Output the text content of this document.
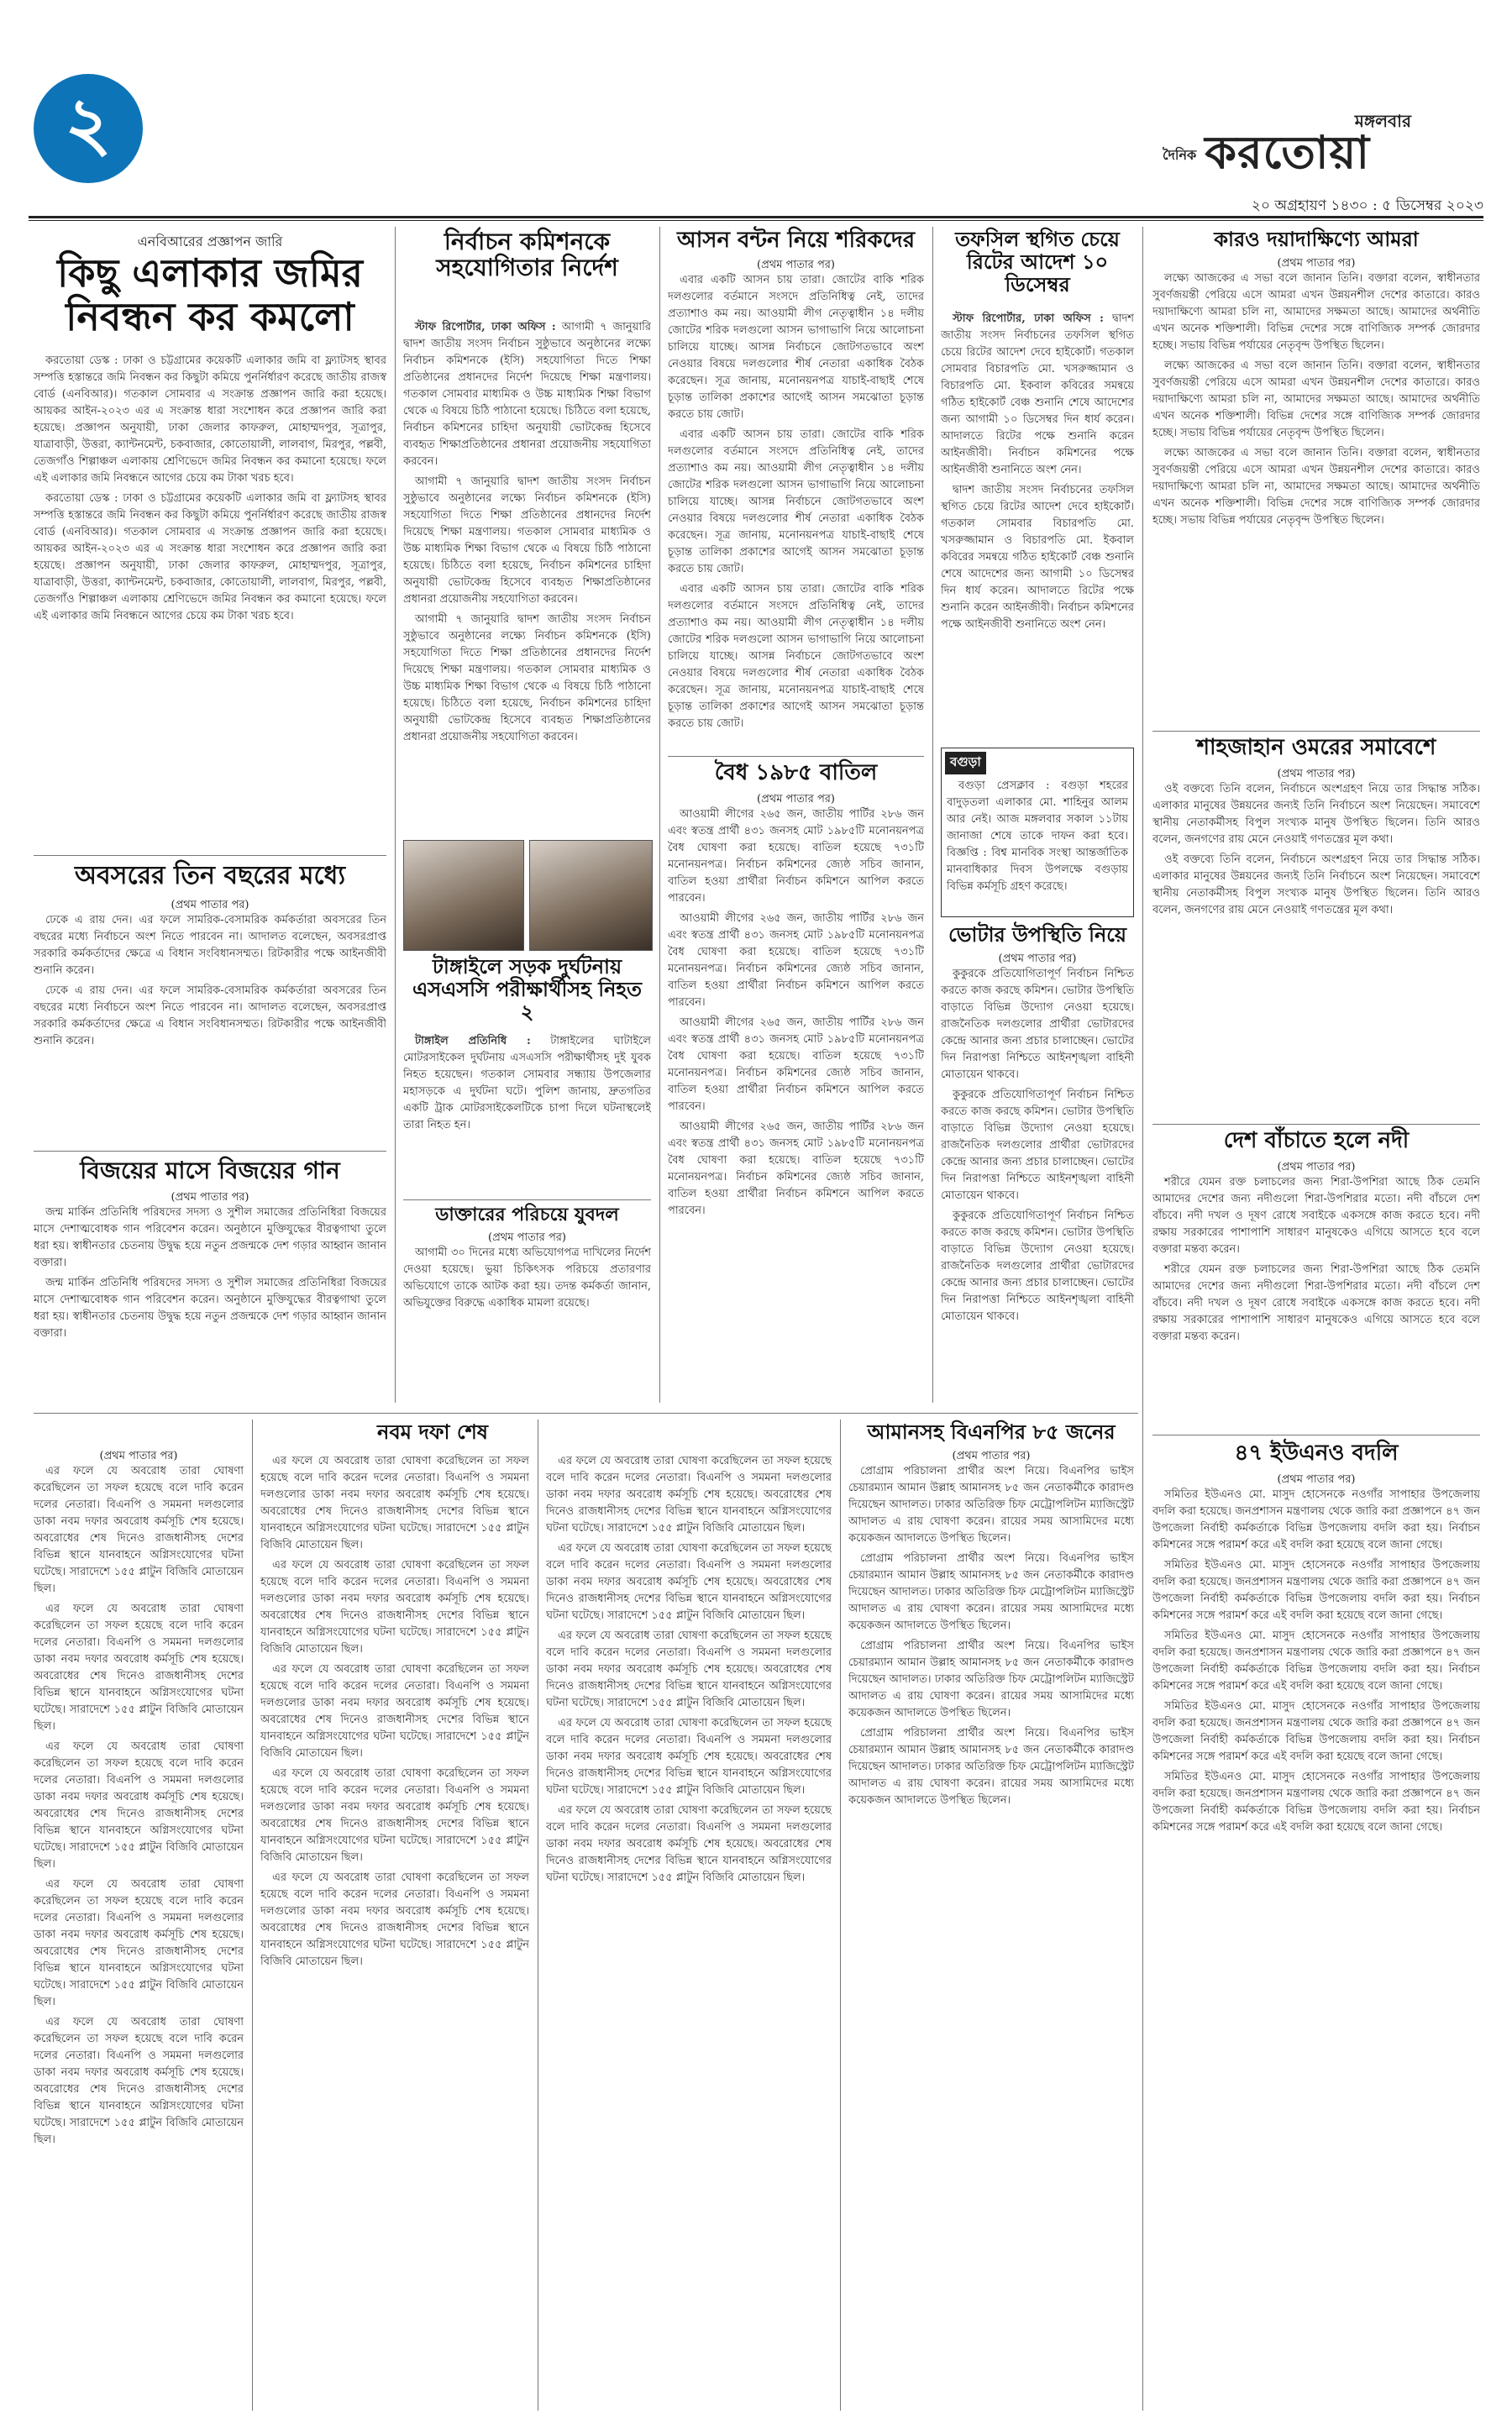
২	মঙ্গলবার
দৈনিক করতোয়া
২০ অগ্রহায়ণ ১৪৩০ : ৫ ডিসেম্বর ২০২৩
এনবিআরের প্রজ্ঞাপন জারি
কিছু এলাকার জমির নিবন্ধন কর কমলো

করতোয়া ডেস্ক : ঢাকা ও চট্টগ্রামের কয়েকটি এলাকার জমি বা ফ্ল্যাটসহ স্থাবর সম্পত্তি হস্তান্তরে জমি নিবন্ধন কর কিছুটা কমিয়ে পুনর্নির্ধারণ করেছে জাতীয় রাজস্ব বোর্ড (এনবিআর)। গতকাল সোমবার এ সংক্রান্ত প্রজ্ঞাপন জারি করা হয়েছে। আয়কর আইন-২০২৩ এর এ সংক্রান্ত ধারা সংশোধন করে প্রজ্ঞাপন জারি করা হয়েছে। প্রজ্ঞাপন অনুযায়ী, ঢাকা জেলার কাফরুল, মোহাম্মদপুর, সূত্রাপুর, যাত্রাবাড়ী, উত্তরা, ক্যান্টনমেন্ট, চকবাজার, কোতোয়ালী, লালবাগ, মিরপুর, পল্লবী, তেজগাঁও শিল্পাঞ্চল এলাকায় শ্রেণিভেদে জমির নিবন্ধন কর কমানো হয়েছে। ফলে এই এলাকার জমি নিবন্ধনে আগের চেয়ে কম টাকা খরচ হবে।

করতোয়া ডেস্ক : ঢাকা ও চট্টগ্রামের কয়েকটি এলাকার জমি বা ফ্ল্যাটসহ স্থাবর সম্পত্তি হস্তান্তরে জমি নিবন্ধন কর কিছুটা কমিয়ে পুনর্নির্ধারণ করেছে জাতীয় রাজস্ব বোর্ড (এনবিআর)। গতকাল সোমবার এ সংক্রান্ত প্রজ্ঞাপন জারি করা হয়েছে। আয়কর আইন-২০২৩ এর এ সংক্রান্ত ধারা সংশোধন করে প্রজ্ঞাপন জারি করা হয়েছে। প্রজ্ঞাপন অনুযায়ী, ঢাকা জেলার কাফরুল, মোহাম্মদপুর, সূত্রাপুর, যাত্রাবাড়ী, উত্তরা, ক্যান্টনমেন্ট, চকবাজার, কোতোয়ালী, লালবাগ, মিরপুর, পল্লবী, তেজগাঁও শিল্পাঞ্চল এলাকায় শ্রেণিভেদে জমির নিবন্ধন কর কমানো হয়েছে। ফলে এই এলাকার জমি নিবন্ধনে আগের চেয়ে কম টাকা খরচ হবে।

অবসরের তিন বছরের মধ্যে
(প্রথম পাতার পর)

ঢেকে এ রায় দেন। এর ফলে সামরিক-বেসামরিক কর্মকর্তারা অবসরের তিন বছরের মধ্যে নির্বাচনে অংশ নিতে পারবেন না। আদালত বলেছেন, অবসরপ্রাপ্ত সরকারি কর্মকর্তাদের ক্ষেত্রে এ বিধান সংবিধানসম্মত। রিটকারীর পক্ষে আইনজীবী শুনানি করেন।

ঢেকে এ রায় দেন। এর ফলে সামরিক-বেসামরিক কর্মকর্তারা অবসরের তিন বছরের মধ্যে নির্বাচনে অংশ নিতে পারবেন না। আদালত বলেছেন, অবসরপ্রাপ্ত সরকারি কর্মকর্তাদের ক্ষেত্রে এ বিধান সংবিধানসম্মত। রিটকারীর পক্ষে আইনজীবী শুনানি করেন।

বিজয়ের মাসে বিজয়ের গান
(প্রথম পাতার পর)

জন্ম মার্কিন প্রতিনিধি পরিষদের সদস্য ও সুশীল সমাজের প্রতিনিধিরা বিজয়ের মাসে দেশাত্মবোধক গান পরিবেশন করেন। অনুষ্ঠানে মুক্তিযুদ্ধের বীরত্বগাথা তুলে ধরা হয়। স্বাধীনতার চেতনায় উদ্বুদ্ধ হয়ে নতুন প্রজন্মকে দেশ গড়ার আহ্বান জানান বক্তারা।

জন্ম মার্কিন প্রতিনিধি পরিষদের সদস্য ও সুশীল সমাজের প্রতিনিধিরা বিজয়ের মাসে দেশাত্মবোধক গান পরিবেশন করেন। অনুষ্ঠানে মুক্তিযুদ্ধের বীরত্বগাথা তুলে ধরা হয়। স্বাধীনতার চেতনায় উদ্বুদ্ধ হয়ে নতুন প্রজন্মকে দেশ গড়ার আহ্বান জানান বক্তারা।

নির্বাচন কমিশনকে সহযোগিতার নির্দেশ

স্টাফ রিপোর্টার, ঢাকা অফিস : আগামী ৭ জানুয়ারি দ্বাদশ জাতীয় সংসদ নির্বাচন সুষ্ঠুভাবে অনুষ্ঠানের লক্ষ্যে নির্বাচন কমিশনকে (ইসি) সহযোগিতা দিতে শিক্ষা প্রতিষ্ঠানের প্রধানদের নির্দেশ দিয়েছে শিক্ষা মন্ত্রণালয়। গতকাল সোমবার মাধ্যমিক ও উচ্চ মাধ্যমিক শিক্ষা বিভাগ থেকে এ বিষয়ে চিঠি পাঠানো হয়েছে। চিঠিতে বলা হয়েছে, নির্বাচন কমিশনের চাহিদা অনুযায়ী ভোটকেন্দ্র হিসেবে ব্যবহৃত শিক্ষাপ্রতিষ্ঠানের প্রধানরা প্রয়োজনীয় সহযোগিতা করবেন।

আগামী ৭ জানুয়ারি দ্বাদশ জাতীয় সংসদ নির্বাচন সুষ্ঠুভাবে অনুষ্ঠানের লক্ষ্যে নির্বাচন কমিশনকে (ইসি) সহযোগিতা দিতে শিক্ষা প্রতিষ্ঠানের প্রধানদের নির্দেশ দিয়েছে শিক্ষা মন্ত্রণালয়। গতকাল সোমবার মাধ্যমিক ও উচ্চ মাধ্যমিক শিক্ষা বিভাগ থেকে এ বিষয়ে চিঠি পাঠানো হয়েছে। চিঠিতে বলা হয়েছে, নির্বাচন কমিশনের চাহিদা অনুযায়ী ভোটকেন্দ্র হিসেবে ব্যবহৃত শিক্ষাপ্রতিষ্ঠানের প্রধানরা প্রয়োজনীয় সহযোগিতা করবেন।

আগামী ৭ জানুয়ারি দ্বাদশ জাতীয় সংসদ নির্বাচন সুষ্ঠুভাবে অনুষ্ঠানের লক্ষ্যে নির্বাচন কমিশনকে (ইসি) সহযোগিতা দিতে শিক্ষা প্রতিষ্ঠানের প্রধানদের নির্দেশ দিয়েছে শিক্ষা মন্ত্রণালয়। গতকাল সোমবার মাধ্যমিক ও উচ্চ মাধ্যমিক শিক্ষা বিভাগ থেকে এ বিষয়ে চিঠি পাঠানো হয়েছে। চিঠিতে বলা হয়েছে, নির্বাচন কমিশনের চাহিদা অনুযায়ী ভোটকেন্দ্র হিসেবে ব্যবহৃত শিক্ষাপ্রতিষ্ঠানের প্রধানরা প্রয়োজনীয় সহযোগিতা করবেন।

টাঙ্গাইলে সড়ক দুর্ঘটনায় এসএসসি পরীক্ষার্থীসহ নিহত ২

টাঙ্গাইল প্রতিনিধি : টাঙ্গাইলের ঘাটাইলে মোটরসাইকেল দুর্ঘটনায় এসএসসি পরীক্ষার্থীসহ দুই যুবক নিহত হয়েছেন। গতকাল সোমবার সন্ধ্যায় উপজেলার মহাসড়কে এ দুর্ঘটনা ঘটে। পুলিশ জানায়, দ্রুতগতির একটি ট্রাক মোটরসাইকেলটিকে চাপা দিলে ঘটনাস্থলেই তারা নিহত হন।

ডাক্তারের পরিচয়ে যুবদল
(প্রথম পাতার পর)

আগামী ৩০ দিনের মধ্যে অভিযোগপত্র দাখিলের নির্দেশ দেওয়া হয়েছে। ভুয়া চিকিৎসক পরিচয়ে প্রতারণার অভিযোগে তাকে আটক করা হয়। তদন্ত কর্মকর্তা জানান, অভিযুক্তের বিরুদ্ধে একাধিক মামলা রয়েছে।

আসন বন্টন নিয়ে শরিকদের
(প্রথম পাতার পর)

এবার একটি আসন চায় তারা। জোটের বাকি শরিক দলগুলোর বর্তমানে সংসদে প্রতিনিধিত্ব নেই, তাদের প্রত্যাশাও কম নয়। আওয়ামী লীগ নেতৃত্বাধীন ১৪ দলীয় জোটের শরিক দলগুলো আসন ভাগাভাগি নিয়ে আলোচনা চালিয়ে যাচ্ছে। আসন্ন নির্বাচনে জোটগতভাবে অংশ নেওয়ার বিষয়ে দলগুলোর শীর্ষ নেতারা একাধিক বৈঠক করেছেন। সূত্র জানায়, মনোনয়নপত্র যাচাই-বাছাই শেষে চূড়ান্ত তালিকা প্রকাশের আগেই আসন সমঝোতা চূড়ান্ত করতে চায় জোট।

এবার একটি আসন চায় তারা। জোটের বাকি শরিক দলগুলোর বর্তমানে সংসদে প্রতিনিধিত্ব নেই, তাদের প্রত্যাশাও কম নয়। আওয়ামী লীগ নেতৃত্বাধীন ১৪ দলীয় জোটের শরিক দলগুলো আসন ভাগাভাগি নিয়ে আলোচনা চালিয়ে যাচ্ছে। আসন্ন নির্বাচনে জোটগতভাবে অংশ নেওয়ার বিষয়ে দলগুলোর শীর্ষ নেতারা একাধিক বৈঠক করেছেন। সূত্র জানায়, মনোনয়নপত্র যাচাই-বাছাই শেষে চূড়ান্ত তালিকা প্রকাশের আগেই আসন সমঝোতা চূড়ান্ত করতে চায় জোট।

এবার একটি আসন চায় তারা। জোটের বাকি শরিক দলগুলোর বর্তমানে সংসদে প্রতিনিধিত্ব নেই, তাদের প্রত্যাশাও কম নয়। আওয়ামী লীগ নেতৃত্বাধীন ১৪ দলীয় জোটের শরিক দলগুলো আসন ভাগাভাগি নিয়ে আলোচনা চালিয়ে যাচ্ছে। আসন্ন নির্বাচনে জোটগতভাবে অংশ নেওয়ার বিষয়ে দলগুলোর শীর্ষ নেতারা একাধিক বৈঠক করেছেন। সূত্র জানায়, মনোনয়নপত্র যাচাই-বাছাই শেষে চূড়ান্ত তালিকা প্রকাশের আগেই আসন সমঝোতা চূড়ান্ত করতে চায় জোট।

বৈধ ১৯৮৫ বাতিল
(প্রথম পাতার পর)

আওয়ামী লীগের ২৬৫ জন, জাতীয় পার্টির ২৮৬ জন এবং স্বতন্ত্র প্রার্থী ৪৩১ জনসহ মোট ১৯৮৫টি মনোনয়নপত্র বৈধ ঘোষণা করা হয়েছে। বাতিল হয়েছে ৭৩১টি মনোনয়নপত্র। নির্বাচন কমিশনের জ্যেষ্ঠ সচিব জানান, বাতিল হওয়া প্রার্থীরা নির্বাচন কমিশনে আপিল করতে পারবেন।

আওয়ামী লীগের ২৬৫ জন, জাতীয় পার্টির ২৮৬ জন এবং স্বতন্ত্র প্রার্থী ৪৩১ জনসহ মোট ১৯৮৫টি মনোনয়নপত্র বৈধ ঘোষণা করা হয়েছে। বাতিল হয়েছে ৭৩১টি মনোনয়নপত্র। নির্বাচন কমিশনের জ্যেষ্ঠ সচিব জানান, বাতিল হওয়া প্রার্থীরা নির্বাচন কমিশনে আপিল করতে পারবেন।

আওয়ামী লীগের ২৬৫ জন, জাতীয় পার্টির ২৮৬ জন এবং স্বতন্ত্র প্রার্থী ৪৩১ জনসহ মোট ১৯৮৫টি মনোনয়নপত্র বৈধ ঘোষণা করা হয়েছে। বাতিল হয়েছে ৭৩১টি মনোনয়নপত্র। নির্বাচন কমিশনের জ্যেষ্ঠ সচিব জানান, বাতিল হওয়া প্রার্থীরা নির্বাচন কমিশনে আপিল করতে পারবেন।

আওয়ামী লীগের ২৬৫ জন, জাতীয় পার্টির ২৮৬ জন এবং স্বতন্ত্র প্রার্থী ৪৩১ জনসহ মোট ১৯৮৫টি মনোনয়নপত্র বৈধ ঘোষণা করা হয়েছে। বাতিল হয়েছে ৭৩১টি মনোনয়নপত্র। নির্বাচন কমিশনের জ্যেষ্ঠ সচিব জানান, বাতিল হওয়া প্রার্থীরা নির্বাচন কমিশনে আপিল করতে পারবেন।

তফসিল স্থগিত চেয়ে রিটের আদেশ ১০ ডিসেম্বর

স্টাফ রিপোর্টার, ঢাকা অফিস : দ্বাদশ জাতীয় সংসদ নির্বাচনের তফসিল স্থগিত চেয়ে রিটের আদেশ দেবে হাইকোর্ট। গতকাল সোমবার বিচারপতি মো. খসরুজ্জামান ও বিচারপতি মো. ইকবাল কবিরের সমন্বয়ে গঠিত হাইকোর্ট বেঞ্চ শুনানি শেষে আদেশের জন্য আগামী ১০ ডিসেম্বর দিন ধার্য করেন। আদালতে রিটের পক্ষে শুনানি করেন আইনজীবী। নির্বাচন কমিশনের পক্ষে আইনজীবী শুনানিতে অংশ নেন।

দ্বাদশ জাতীয় সংসদ নির্বাচনের তফসিল স্থগিত চেয়ে রিটের আদেশ দেবে হাইকোর্ট। গতকাল সোমবার বিচারপতি মো. খসরুজ্জামান ও বিচারপতি মো. ইকবাল কবিরের সমন্বয়ে গঠিত হাইকোর্ট বেঞ্চ শুনানি শেষে আদেশের জন্য আগামী ১০ ডিসেম্বর দিন ধার্য করেন। আদালতে রিটের পক্ষে শুনানি করেন আইনজীবী। নির্বাচন কমিশনের পক্ষে আইনজীবী শুনানিতে অংশ নেন।

বগুড়া

বগুড়া প্রেসক্লাব : বগুড়া শহরের বাদুড়তলা এলাকার মো. শাহিনুর আলম আর নেই। আজ মঙ্গলবার সকাল ১১টায় জানাজা শেষে তাকে দাফন করা হবে। বিজ্ঞপ্তি : বিশ্ব মানবিক সংস্থা আন্তর্জাতিক মানবাধিকার দিবস উপলক্ষে বগুড়ায় বিভিন্ন কর্মসূচি গ্রহণ করেছে।

ভোটার উপস্থিতি নিয়ে
(প্রথম পাতার পর)

কুকুরকে প্রতিযোগিতাপূর্ণ নির্বাচন নিশ্চিত করতে কাজ করছে কমিশন। ভোটার উপস্থিতি বাড়াতে বিভিন্ন উদ্যোগ নেওয়া হয়েছে। রাজনৈতিক দলগুলোর প্রার্থীরা ভোটারদের কেন্দ্রে আনার জন্য প্রচার চালাচ্ছেন। ভোটের দিন নিরাপত্তা নিশ্চিতে আইনশৃঙ্খলা বাহিনী মোতায়েন থাকবে।

কুকুরকে প্রতিযোগিতাপূর্ণ নির্বাচন নিশ্চিত করতে কাজ করছে কমিশন। ভোটার উপস্থিতি বাড়াতে বিভিন্ন উদ্যোগ নেওয়া হয়েছে। রাজনৈতিক দলগুলোর প্রার্থীরা ভোটারদের কেন্দ্রে আনার জন্য প্রচার চালাচ্ছেন। ভোটের দিন নিরাপত্তা নিশ্চিতে আইনশৃঙ্খলা বাহিনী মোতায়েন থাকবে।

কুকুরকে প্রতিযোগিতাপূর্ণ নির্বাচন নিশ্চিত করতে কাজ করছে কমিশন। ভোটার উপস্থিতি বাড়াতে বিভিন্ন উদ্যোগ নেওয়া হয়েছে। রাজনৈতিক দলগুলোর প্রার্থীরা ভোটারদের কেন্দ্রে আনার জন্য প্রচার চালাচ্ছেন। ভোটের দিন নিরাপত্তা নিশ্চিতে আইনশৃঙ্খলা বাহিনী মোতায়েন থাকবে।

কারও দয়াদাক্ষিণ্যে আমরা
(প্রথম পাতার পর)

লক্ষ্যে আজকের এ সভা বলে জানান তিনি। বক্তারা বলেন, স্বাধীনতার সুবর্ণজয়ন্তী পেরিয়ে এসে আমরা এখন উন্নয়নশীল দেশের কাতারে। কারও দয়াদাক্ষিণ্যে আমরা চলি না, আমাদের সক্ষমতা আছে। আমাদের অর্থনীতি এখন অনেক শক্তিশালী। বিভিন্ন দেশের সঙ্গে বাণিজ্যিক সম্পর্ক জোরদার হচ্ছে। সভায় বিভিন্ন পর্যায়ের নেতৃবৃন্দ উপস্থিত ছিলেন।

লক্ষ্যে আজকের এ সভা বলে জানান তিনি। বক্তারা বলেন, স্বাধীনতার সুবর্ণজয়ন্তী পেরিয়ে এসে আমরা এখন উন্নয়নশীল দেশের কাতারে। কারও দয়াদাক্ষিণ্যে আমরা চলি না, আমাদের সক্ষমতা আছে। আমাদের অর্থনীতি এখন অনেক শক্তিশালী। বিভিন্ন দেশের সঙ্গে বাণিজ্যিক সম্পর্ক জোরদার হচ্ছে। সভায় বিভিন্ন পর্যায়ের নেতৃবৃন্দ উপস্থিত ছিলেন।

লক্ষ্যে আজকের এ সভা বলে জানান তিনি। বক্তারা বলেন, স্বাধীনতার সুবর্ণজয়ন্তী পেরিয়ে এসে আমরা এখন উন্নয়নশীল দেশের কাতারে। কারও দয়াদাক্ষিণ্যে আমরা চলি না, আমাদের সক্ষমতা আছে। আমাদের অর্থনীতি এখন অনেক শক্তিশালী। বিভিন্ন দেশের সঙ্গে বাণিজ্যিক সম্পর্ক জোরদার হচ্ছে। সভায় বিভিন্ন পর্যায়ের নেতৃবৃন্দ উপস্থিত ছিলেন।

শাহজাহান ওমরের সমাবেশে
(প্রথম পাতার পর)

ওই বক্তব্যে তিনি বলেন, নির্বাচনে অংশগ্রহণ নিয়ে তার সিদ্ধান্ত সঠিক। এলাকার মানুষের উন্নয়নের জন্যই তিনি নির্বাচনে অংশ নিয়েছেন। সমাবেশে স্থানীয় নেতাকর্মীসহ বিপুল সংখ্যক মানুষ উপস্থিত ছিলেন। তিনি আরও বলেন, জনগণের রায় মেনে নেওয়াই গণতন্ত্রের মূল কথা।

ওই বক্তব্যে তিনি বলেন, নির্বাচনে অংশগ্রহণ নিয়ে তার সিদ্ধান্ত সঠিক। এলাকার মানুষের উন্নয়নের জন্যই তিনি নির্বাচনে অংশ নিয়েছেন। সমাবেশে স্থানীয় নেতাকর্মীসহ বিপুল সংখ্যক মানুষ উপস্থিত ছিলেন। তিনি আরও বলেন, জনগণের রায় মেনে নেওয়াই গণতন্ত্রের মূল কথা।

দেশ বাঁচাতে হলে নদী
(প্রথম পাতার পর)

শরীরে যেমন রক্ত চলাচলের জন্য শিরা-উপশিরা আছে ঠিক তেমনি আমাদের দেশের জন্য নদীগুলো শিরা-উপশিরার মতো। নদী বাঁচলে দেশ বাঁচবে। নদী দখল ও দূষণ রোধে সবাইকে একসঙ্গে কাজ করতে হবে। নদী রক্ষায় সরকারের পাশাপাশি সাধারণ মানুষকেও এগিয়ে আসতে হবে বলে বক্তারা মন্তব্য করেন।

শরীরে যেমন রক্ত চলাচলের জন্য শিরা-উপশিরা আছে ঠিক তেমনি আমাদের দেশের জন্য নদীগুলো শিরা-উপশিরার মতো। নদী বাঁচলে দেশ বাঁচবে। নদী দখল ও দূষণ রোধে সবাইকে একসঙ্গে কাজ করতে হবে। নদী রক্ষায় সরকারের পাশাপাশি সাধারণ মানুষকেও এগিয়ে আসতে হবে বলে বক্তারা মন্তব্য করেন।

নবম দফা শেষ
(প্রথম পাতার পর)

এর ফলে যে অবরোধ তারা ঘোষণা করেছিলেন তা সফল হয়েছে বলে দাবি করেন দলের নেতারা। বিএনপি ও সমমনা দলগুলোর ডাকা নবম দফার অবরোধ কর্মসূচি শেষ হয়েছে। অবরোধের শেষ দিনেও রাজধানীসহ দেশের বিভিন্ন স্থানে যানবাহনে অগ্নিসংযোগের ঘটনা ঘটেছে। সারাদেশে ১৫৫ প্লাটুন বিজিবি মোতায়েন ছিল।

এর ফলে যে অবরোধ তারা ঘোষণা করেছিলেন তা সফল হয়েছে বলে দাবি করেন দলের নেতারা। বিএনপি ও সমমনা দলগুলোর ডাকা নবম দফার অবরোধ কর্মসূচি শেষ হয়েছে। অবরোধের শেষ দিনেও রাজধানীসহ দেশের বিভিন্ন স্থানে যানবাহনে অগ্নিসংযোগের ঘটনা ঘটেছে। সারাদেশে ১৫৫ প্লাটুন বিজিবি মোতায়েন ছিল।

এর ফলে যে অবরোধ তারা ঘোষণা করেছিলেন তা সফল হয়েছে বলে দাবি করেন দলের নেতারা। বিএনপি ও সমমনা দলগুলোর ডাকা নবম দফার অবরোধ কর্মসূচি শেষ হয়েছে। অবরোধের শেষ দিনেও রাজধানীসহ দেশের বিভিন্ন স্থানে যানবাহনে অগ্নিসংযোগের ঘটনা ঘটেছে। সারাদেশে ১৫৫ প্লাটুন বিজিবি মোতায়েন ছিল।

এর ফলে যে অবরোধ তারা ঘোষণা করেছিলেন তা সফল হয়েছে বলে দাবি করেন দলের নেতারা। বিএনপি ও সমমনা দলগুলোর ডাকা নবম দফার অবরোধ কর্মসূচি শেষ হয়েছে। অবরোধের শেষ দিনেও রাজধানীসহ দেশের বিভিন্ন স্থানে যানবাহনে অগ্নিসংযোগের ঘটনা ঘটেছে। সারাদেশে ১৫৫ প্লাটুন বিজিবি মোতায়েন ছিল।

এর ফলে যে অবরোধ তারা ঘোষণা করেছিলেন তা সফল হয়েছে বলে দাবি করেন দলের নেতারা। বিএনপি ও সমমনা দলগুলোর ডাকা নবম দফার অবরোধ কর্মসূচি শেষ হয়েছে। অবরোধের শেষ দিনেও রাজধানীসহ দেশের বিভিন্ন স্থানে যানবাহনে অগ্নিসংযোগের ঘটনা ঘটেছে। সারাদেশে ১৫৫ প্লাটুন বিজিবি মোতায়েন ছিল।

এর ফলে যে অবরোধ তারা ঘোষণা করেছিলেন তা সফল হয়েছে বলে দাবি করেন দলের নেতারা। বিএনপি ও সমমনা দলগুলোর ডাকা নবম দফার অবরোধ কর্মসূচি শেষ হয়েছে। অবরোধের শেষ দিনেও রাজধানীসহ দেশের বিভিন্ন স্থানে যানবাহনে অগ্নিসংযোগের ঘটনা ঘটেছে। সারাদেশে ১৫৫ প্লাটুন বিজিবি মোতায়েন ছিল।

এর ফলে যে অবরোধ তারা ঘোষণা করেছিলেন তা সফল হয়েছে বলে দাবি করেন দলের নেতারা। বিএনপি ও সমমনা দলগুলোর ডাকা নবম দফার অবরোধ কর্মসূচি শেষ হয়েছে। অবরোধের শেষ দিনেও রাজধানীসহ দেশের বিভিন্ন স্থানে যানবাহনে অগ্নিসংযোগের ঘটনা ঘটেছে। সারাদেশে ১৫৫ প্লাটুন বিজিবি মোতায়েন ছিল।

এর ফলে যে অবরোধ তারা ঘোষণা করেছিলেন তা সফল হয়েছে বলে দাবি করেন দলের নেতারা। বিএনপি ও সমমনা দলগুলোর ডাকা নবম দফার অবরোধ কর্মসূচি শেষ হয়েছে। অবরোধের শেষ দিনেও রাজধানীসহ দেশের বিভিন্ন স্থানে যানবাহনে অগ্নিসংযোগের ঘটনা ঘটেছে। সারাদেশে ১৫৫ প্লাটুন বিজিবি মোতায়েন ছিল।

এর ফলে যে অবরোধ তারা ঘোষণা করেছিলেন তা সফল হয়েছে বলে দাবি করেন দলের নেতারা। বিএনপি ও সমমনা দলগুলোর ডাকা নবম দফার অবরোধ কর্মসূচি শেষ হয়েছে। অবরোধের শেষ দিনেও রাজধানীসহ দেশের বিভিন্ন স্থানে যানবাহনে অগ্নিসংযোগের ঘটনা ঘটেছে। সারাদেশে ১৫৫ প্লাটুন বিজিবি মোতায়েন ছিল।

এর ফলে যে অবরোধ তারা ঘোষণা করেছিলেন তা সফল হয়েছে বলে দাবি করেন দলের নেতারা। বিএনপি ও সমমনা দলগুলোর ডাকা নবম দফার অবরোধ কর্মসূচি শেষ হয়েছে। অবরোধের শেষ দিনেও রাজধানীসহ দেশের বিভিন্ন স্থানে যানবাহনে অগ্নিসংযোগের ঘটনা ঘটেছে। সারাদেশে ১৫৫ প্লাটুন বিজিবি মোতায়েন ছিল।

এর ফলে যে অবরোধ তারা ঘোষণা করেছিলেন তা সফল হয়েছে বলে দাবি করেন দলের নেতারা। বিএনপি ও সমমনা দলগুলোর ডাকা নবম দফার অবরোধ কর্মসূচি শেষ হয়েছে। অবরোধের শেষ দিনেও রাজধানীসহ দেশের বিভিন্ন স্থানে যানবাহনে অগ্নিসংযোগের ঘটনা ঘটেছে। সারাদেশে ১৫৫ প্লাটুন বিজিবি মোতায়েন ছিল।

এর ফলে যে অবরোধ তারা ঘোষণা করেছিলেন তা সফল হয়েছে বলে দাবি করেন দলের নেতারা। বিএনপি ও সমমনা দলগুলোর ডাকা নবম দফার অবরোধ কর্মসূচি শেষ হয়েছে। অবরোধের শেষ দিনেও রাজধানীসহ দেশের বিভিন্ন স্থানে যানবাহনে অগ্নিসংযোগের ঘটনা ঘটেছে। সারাদেশে ১৫৫ প্লাটুন বিজিবি মোতায়েন ছিল।

এর ফলে যে অবরোধ তারা ঘোষণা করেছিলেন তা সফল হয়েছে বলে দাবি করেন দলের নেতারা। বিএনপি ও সমমনা দলগুলোর ডাকা নবম দফার অবরোধ কর্মসূচি শেষ হয়েছে। অবরোধের শেষ দিনেও রাজধানীসহ দেশের বিভিন্ন স্থানে যানবাহনে অগ্নিসংযোগের ঘটনা ঘটেছে। সারাদেশে ১৫৫ প্লাটুন বিজিবি মোতায়েন ছিল।

এর ফলে যে অবরোধ তারা ঘোষণা করেছিলেন তা সফল হয়েছে বলে দাবি করেন দলের নেতারা। বিএনপি ও সমমনা দলগুলোর ডাকা নবম দফার অবরোধ কর্মসূচি শেষ হয়েছে। অবরোধের শেষ দিনেও রাজধানীসহ দেশের বিভিন্ন স্থানে যানবাহনে অগ্নিসংযোগের ঘটনা ঘটেছে। সারাদেশে ১৫৫ প্লাটুন বিজিবি মোতায়েন ছিল।

এর ফলে যে অবরোধ তারা ঘোষণা করেছিলেন তা সফল হয়েছে বলে দাবি করেন দলের নেতারা। বিএনপি ও সমমনা দলগুলোর ডাকা নবম দফার অবরোধ কর্মসূচি শেষ হয়েছে। অবরোধের শেষ দিনেও রাজধানীসহ দেশের বিভিন্ন স্থানে যানবাহনে অগ্নিসংযোগের ঘটনা ঘটেছে। সারাদেশে ১৫৫ প্লাটুন বিজিবি মোতায়েন ছিল।

আমানসহ বিএনপির ৮৫ জনের
(প্রথম পাতার পর)

প্রোগ্রাম পরিচালনা প্রার্থীর অংশ নিয়ে। বিএনপির ভাইস চেয়ারম্যান আমান উল্লাহ আমানসহ ৮৫ জন নেতাকর্মীকে কারাদণ্ড দিয়েছেন আদালত। ঢাকার অতিরিক্ত চিফ মেট্রোপলিটন ম্যাজিস্ট্রেট আদালত এ রায় ঘোষণা করেন। রায়ের সময় আসামিদের মধ্যে কয়েকজন আদালতে উপস্থিত ছিলেন।

প্রোগ্রাম পরিচালনা প্রার্থীর অংশ নিয়ে। বিএনপির ভাইস চেয়ারম্যান আমান উল্লাহ আমানসহ ৮৫ জন নেতাকর্মীকে কারাদণ্ড দিয়েছেন আদালত। ঢাকার অতিরিক্ত চিফ মেট্রোপলিটন ম্যাজিস্ট্রেট আদালত এ রায় ঘোষণা করেন। রায়ের সময় আসামিদের মধ্যে কয়েকজন আদালতে উপস্থিত ছিলেন।

প্রোগ্রাম পরিচালনা প্রার্থীর অংশ নিয়ে। বিএনপির ভাইস চেয়ারম্যান আমান উল্লাহ আমানসহ ৮৫ জন নেতাকর্মীকে কারাদণ্ড দিয়েছেন আদালত। ঢাকার অতিরিক্ত চিফ মেট্রোপলিটন ম্যাজিস্ট্রেট আদালত এ রায় ঘোষণা করেন। রায়ের সময় আসামিদের মধ্যে কয়েকজন আদালতে উপস্থিত ছিলেন।

প্রোগ্রাম পরিচালনা প্রার্থীর অংশ নিয়ে। বিএনপির ভাইস চেয়ারম্যান আমান উল্লাহ আমানসহ ৮৫ জন নেতাকর্মীকে কারাদণ্ড দিয়েছেন আদালত। ঢাকার অতিরিক্ত চিফ মেট্রোপলিটন ম্যাজিস্ট্রেট আদালত এ রায় ঘোষণা করেন। রায়ের সময় আসামিদের মধ্যে কয়েকজন আদালতে উপস্থিত ছিলেন।

৪৭ ইউএনও বদলি
(প্রথম পাতার পর)

সমিতির ইউএনও মো. মাসুদ হোসেনকে নওগাঁর সাপাহার উপজেলায় বদলি করা হয়েছে। জনপ্রশাসন মন্ত্রণালয় থেকে জারি করা প্রজ্ঞাপনে ৪৭ জন উপজেলা নির্বাহী কর্মকর্তাকে বিভিন্ন উপজেলায় বদলি করা হয়। নির্বাচন কমিশনের সঙ্গে পরামর্শ করে এই বদলি করা হয়েছে বলে জানা গেছে।

সমিতির ইউএনও মো. মাসুদ হোসেনকে নওগাঁর সাপাহার উপজেলায় বদলি করা হয়েছে। জনপ্রশাসন মন্ত্রণালয় থেকে জারি করা প্রজ্ঞাপনে ৪৭ জন উপজেলা নির্বাহী কর্মকর্তাকে বিভিন্ন উপজেলায় বদলি করা হয়। নির্বাচন কমিশনের সঙ্গে পরামর্শ করে এই বদলি করা হয়েছে বলে জানা গেছে।

সমিতির ইউএনও মো. মাসুদ হোসেনকে নওগাঁর সাপাহার উপজেলায় বদলি করা হয়েছে। জনপ্রশাসন মন্ত্রণালয় থেকে জারি করা প্রজ্ঞাপনে ৪৭ জন উপজেলা নির্বাহী কর্মকর্তাকে বিভিন্ন উপজেলায় বদলি করা হয়। নির্বাচন কমিশনের সঙ্গে পরামর্শ করে এই বদলি করা হয়েছে বলে জানা গেছে।

সমিতির ইউএনও মো. মাসুদ হোসেনকে নওগাঁর সাপাহার উপজেলায় বদলি করা হয়েছে। জনপ্রশাসন মন্ত্রণালয় থেকে জারি করা প্রজ্ঞাপনে ৪৭ জন উপজেলা নির্বাহী কর্মকর্তাকে বিভিন্ন উপজেলায় বদলি করা হয়। নির্বাচন কমিশনের সঙ্গে পরামর্শ করে এই বদলি করা হয়েছে বলে জানা গেছে।

সমিতির ইউএনও মো. মাসুদ হোসেনকে নওগাঁর সাপাহার উপজেলায় বদলি করা হয়েছে। জনপ্রশাসন মন্ত্রণালয় থেকে জারি করা প্রজ্ঞাপনে ৪৭ জন উপজেলা নির্বাহী কর্মকর্তাকে বিভিন্ন উপজেলায় বদলি করা হয়। নির্বাচন কমিশনের সঙ্গে পরামর্শ করে এই বদলি করা হয়েছে বলে জানা গেছে।
